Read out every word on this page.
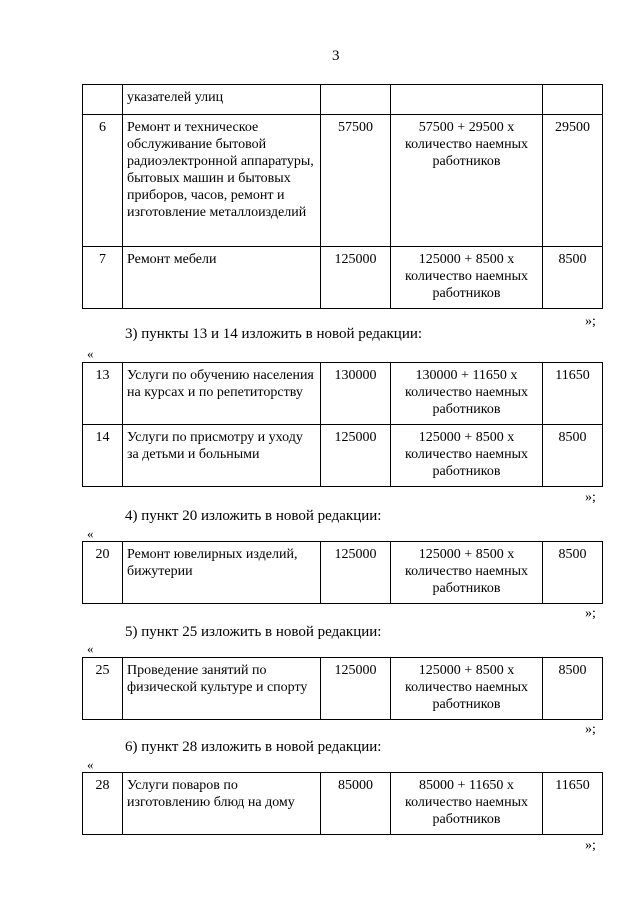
3
	указателей улиц			
6	Ремонт и техническое обслуживание бытовой радиоэлектронной аппаратуры, бытовых машин и бытовых приборов, часов, ремонт и изготовление металлоизделий	57500	57500 + 29500 х
количество наемных
работников	29500
7	Ремонт мебели	125000	125000 + 8500 х
количество наемных
работников	8500
»;
3) пункты 13 и 14 изложить в новой редакции:
«
13	Услуги по обучению населения на курсах и по репетиторству	130000	130000 + 11650 х
количество наемных
работников	11650
14	Услуги по присмотру и уходу за детьми и больными	125000	125000 + 8500 х
количество наемных
работников	8500
»;
4) пункт 20 изложить в новой редакции:
«
20	Ремонт ювелирных изделий, бижутерии	125000	125000 + 8500 х
количество наемных
работников
	8500
»;
5) пункт 25 изложить в новой редакции:
«
25	Проведение занятий по физической культуре и спорту	125000	125000 + 8500 х
количество наемных
работников
	8500
»;
6) пункт 28 изложить в новой редакции:
«
28	Услуги поваров по изготовлению блюд на дому	85000	85000 + 11650 х
количество наемных
работников
	11650
»;
